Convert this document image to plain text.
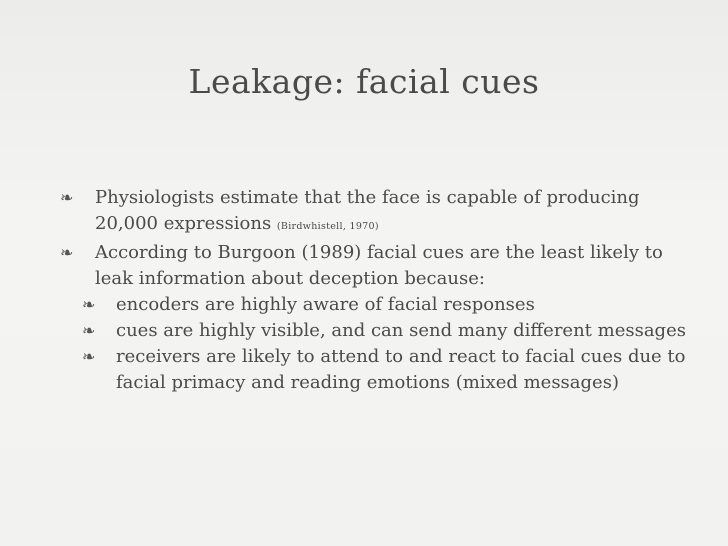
Leakage: facial cues
❧ Physiologists estimate that the face is capable of producing 20,000 expressions (Birdwhistell, 1970)
❧ According to Burgoon (1989) facial cues are the least likely to leak information about deception because:
❧ encoders are highly aware of facial responses
❧ cues are highly visible, and can send many different messages
❧ receivers are likely to attend to and react to facial cues due to facial primacy and reading emotions (mixed messages)
